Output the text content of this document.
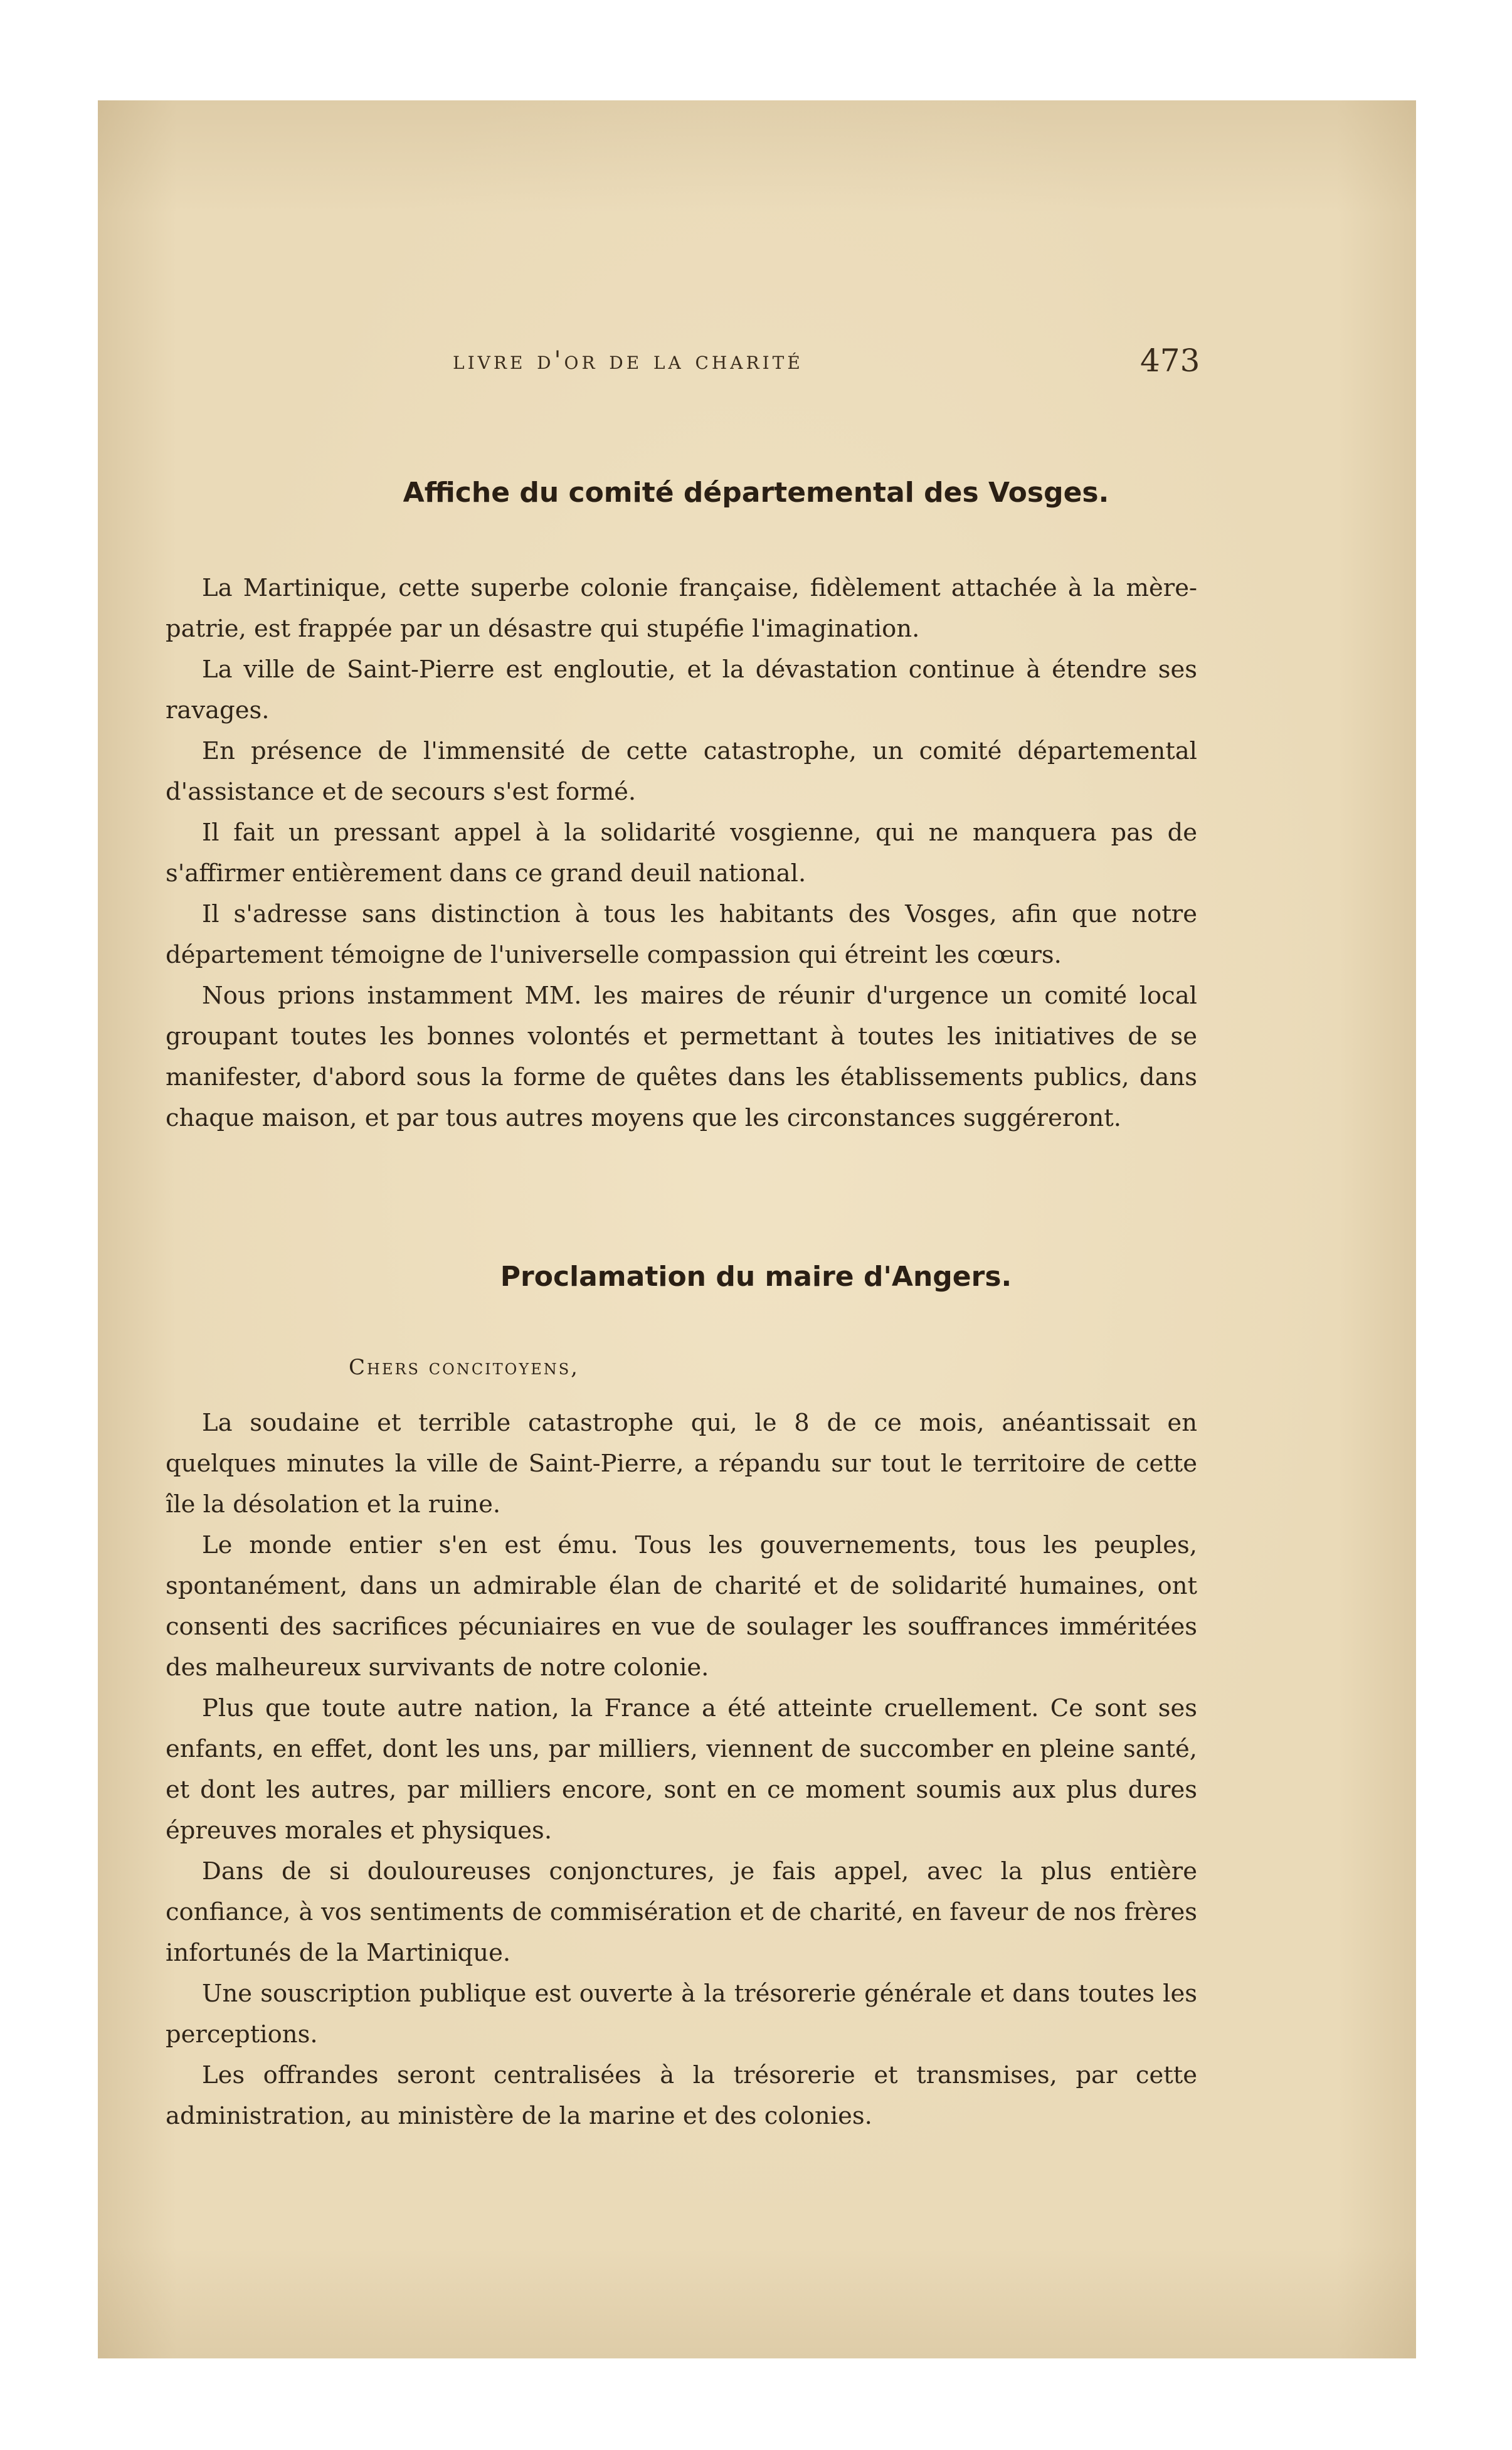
livre d'or de la charité	473
Affiche du comité départemental des Vosges.

La Martinique, cette superbe colonie française, fidèlement attachée à la mère-patrie, est frappée par un désastre qui stupéfie l'imagination.

La ville de Saint-Pierre est engloutie, et la dévastation continue à étendre ses ravages.

En présence de l'immensité de cette catastrophe, un comité départemental d'assistance et de secours s'est formé.

Il fait un pressant appel à la solidarité vosgienne, qui ne manquera pas de s'affirmer entièrement dans ce grand deuil national.

Il s'adresse sans distinction à tous les habitants des Vosges, afin que notre département témoigne de l'universelle compassion qui étreint les cœurs.

Nous prions instamment MM. les maires de réunir d'urgence un comité local groupant toutes les bonnes volontés et permettant à toutes les initiatives de se manifester, d'abord sous la forme de quêtes dans les établissements publics, dans chaque maison, et par tous autres moyens que les circonstances suggéreront.

Proclamation du maire d'Angers.
Chers concitoyens,

La soudaine et terrible catastrophe qui, le 8 de ce mois, anéantissait en quelques minutes la ville de Saint-Pierre, a répandu sur tout le territoire de cette île la désolation et la ruine.

Le monde entier s'en est ému. Tous les gouvernements, tous les peuples, spontanément, dans un admirable élan de charité et de solidarité humaines, ont consenti des sacrifices pécuniaires en vue de soulager les souffrances imméritées des malheureux survivants de notre colonie.

Plus que toute autre nation, la France a été atteinte cruellement. Ce sont ses enfants, en effet, dont les uns, par milliers, viennent de succomber en pleine santé, et dont les autres, par milliers encore, sont en ce moment soumis aux plus dures épreuves morales et physiques.

Dans de si douloureuses conjonctures, je fais appel, avec la plus entière confiance, à vos sentiments de commisération et de charité, en faveur de nos frères infortunés de la Martinique.

Une souscription publique est ouverte à la trésorerie générale et dans toutes les perceptions.

Les offrandes seront centralisées à la trésorerie et transmises, par cette administration, au ministère de la marine et des colonies.
